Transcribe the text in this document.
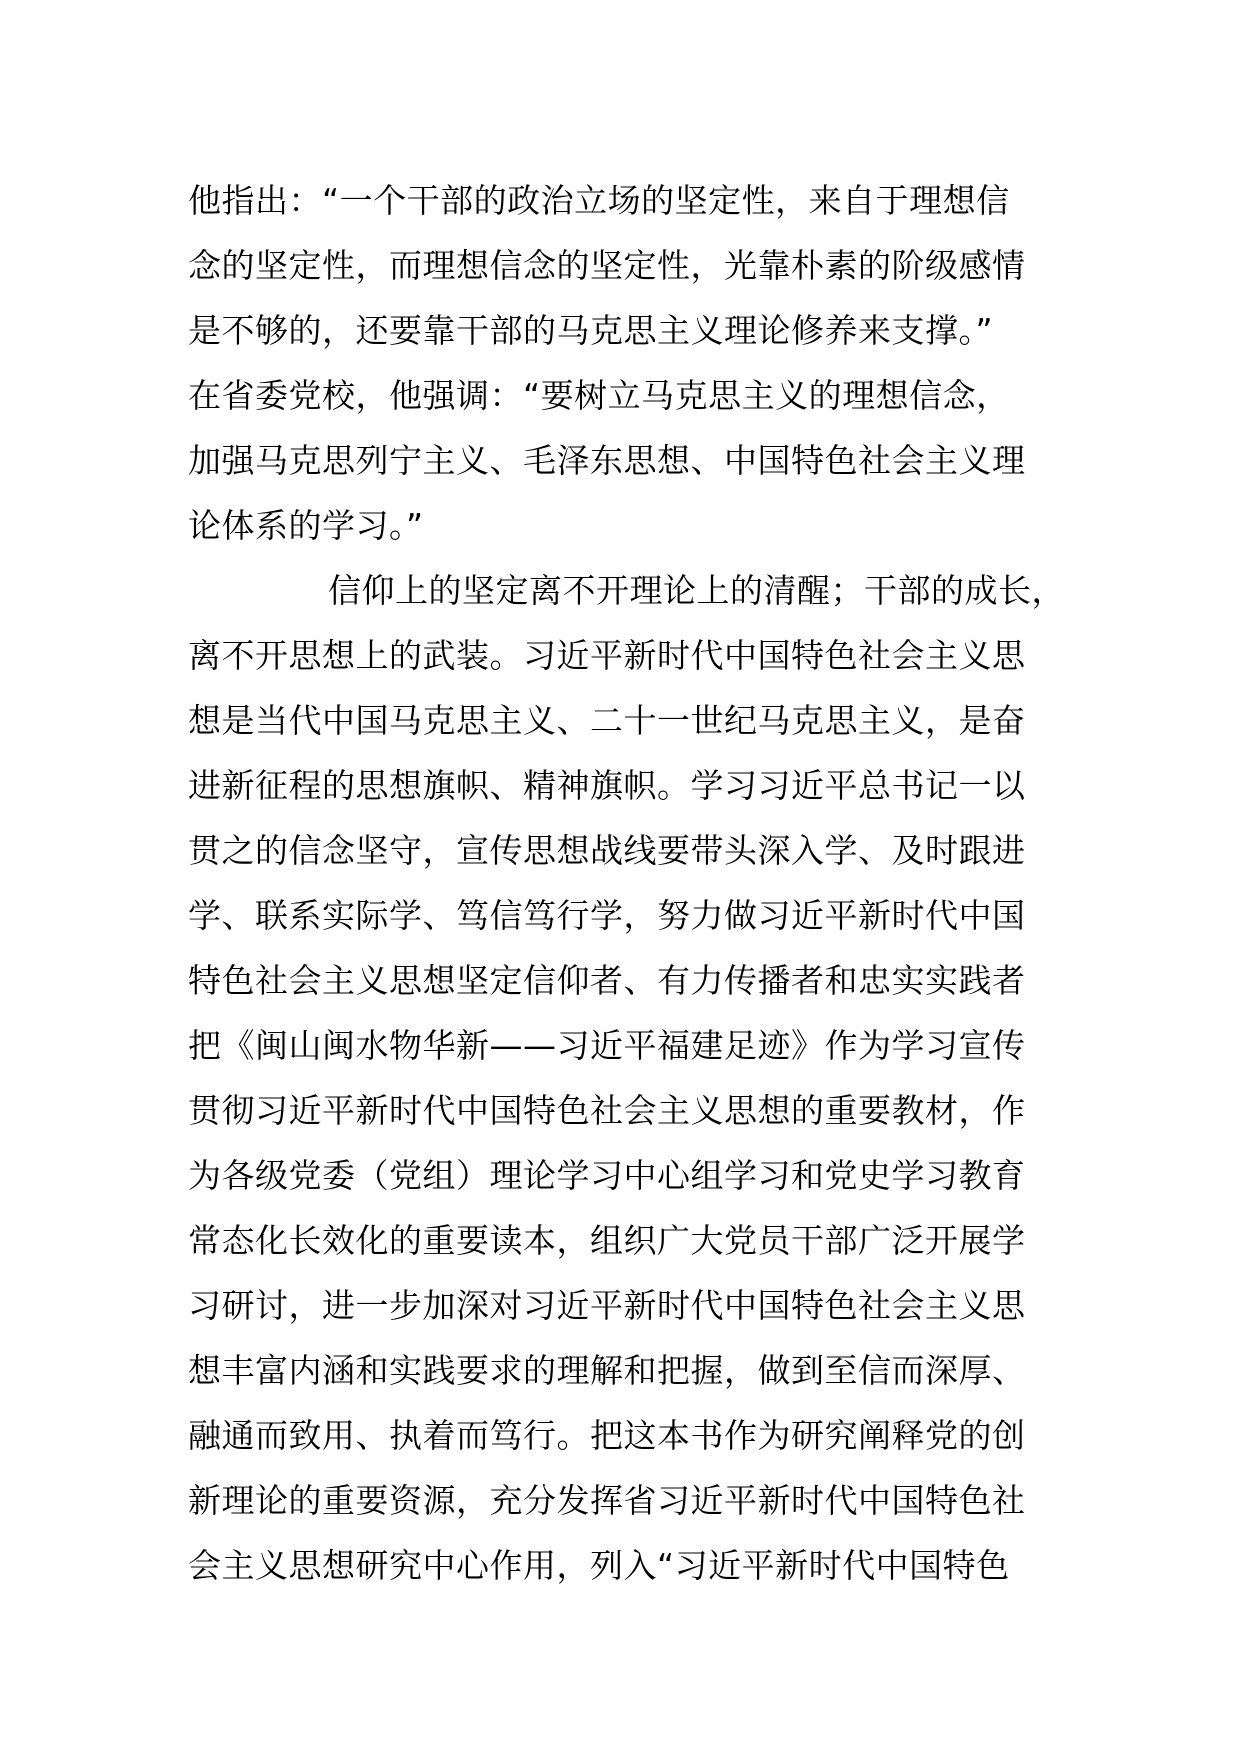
他指出：“一个干部的政治立场的坚定性，来自于理想信
念的坚定性，而理想信念的坚定性，光靠朴素的阶级感情
是不够的，还要靠干部的马克思主义理论修养来支撑。”
在省委党校，他强调：“要树立马克思主义的理想信念，
加强马克思列宁主义、毛泽东思想、中国特色社会主义理
论体系的学习。”
信仰上的坚定离不开理论上的清醒；干部的成长，
离不开思想上的武装。习近平新时代中国特色社会主义思
想是当代中国马克思主义、二十一世纪马克思主义，是奋
进新征程的思想旗帜、精神旗帜。学习习近平总书记一以
贯之的信念坚守，宣传思想战线要带头深入学、及时跟进
学、联系实际学、笃信笃行学，努力做习近平新时代中国
特色社会主义思想坚定信仰者、有力传播者和忠实实践者
把《闽山闽水物华新——习近平福建足迹》作为学习宣传
贯彻习近平新时代中国特色社会主义思想的重要教材，作
为各级党委（党组）理论学习中心组学习和党史学习教育
常态化长效化的重要读本，组织广大党员干部广泛开展学
习研讨，进一步加深对习近平新时代中国特色社会主义思
想丰富内涵和实践要求的理解和把握，做到至信而深厚、
融通而致用、执着而笃行。把这本书作为研究阐释党的创
新理论的重要资源，充分发挥省习近平新时代中国特色社
会主义思想研究中心作用，列入“习近平新时代中国特色
